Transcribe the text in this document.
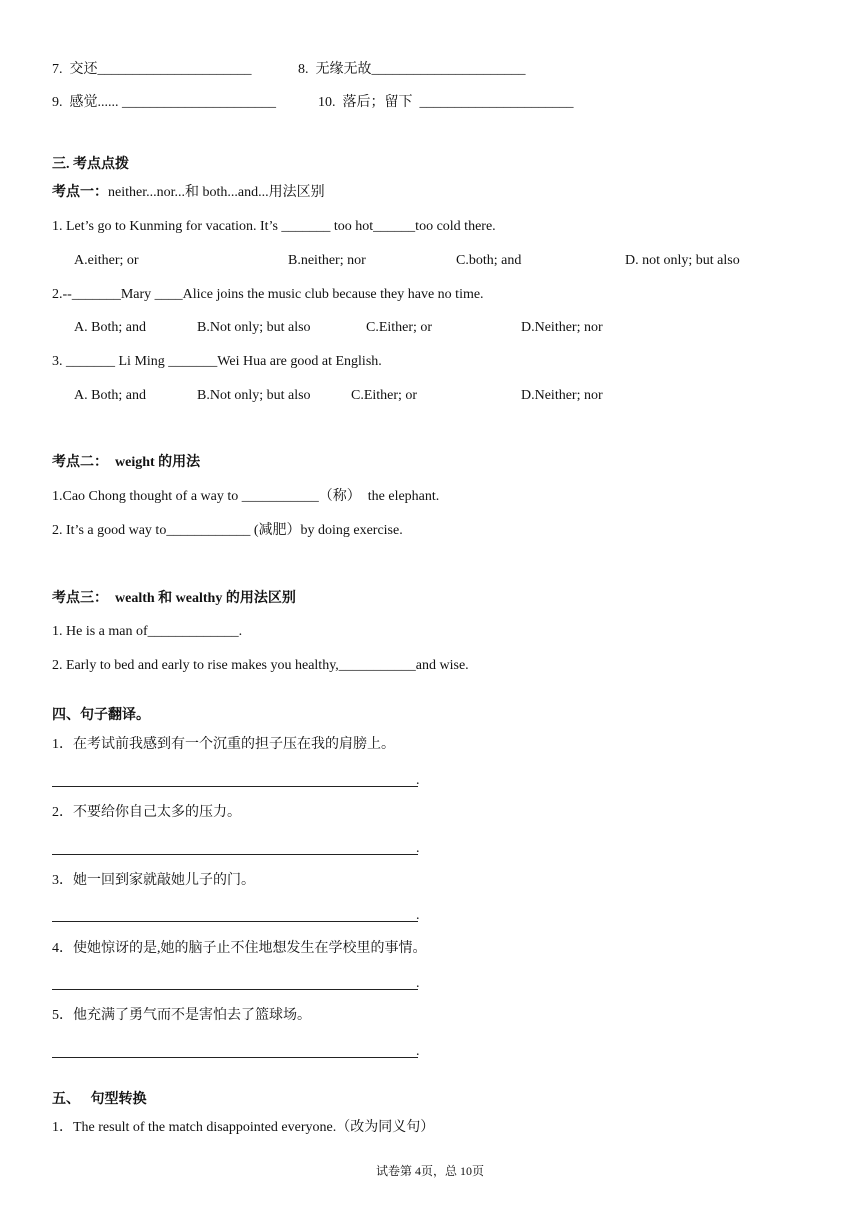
7.  交还______________________	8.  无缘无故______________________
9.  感觉...... ______________________	10.  落后；留下  ______________________
三. 考点点拨
考点一：neither...nor...和 both...and...用法区别
1. Let’s go to Kunming for vacation. It’s _______ too hot______too cold there.
A.either; or	B.neither; nor	C.both; and	D. not only; but also
2.--_______Mary ____Alice joins the music club because they have no time.
A. Both; and	B.Not only; but also	C.Either; or	D.Neither; nor
3. _______ Li Ming _______Wei Hua are good at English.
A. Both; and	B.Not only; but also	C.Either; or	D.Neither; nor
考点二：  weight 的用法
1.Cao Chong thought of a way to ___________（称）  the elephant.
2. It’s a good way to____________ (减肥）by doing exercise.
考点三：  wealth 和 wealthy 的用法区别
1. He is a man of_____________.
2. Early to bed and early to rise makes you healthy,___________and wise.
四、句子翻译。
1．在考试前我感到有一个沉重的担子压在我的肩膀上。
.
2．不要给你自己太多的压力。
.
3．她一回到家就敲她儿子的门。
.
4．使她惊讶的是,她的脑子止不住地想发生在学校里的事情。
.
5．他充满了勇气而不是害怕去了篮球场。
.
五、   句型转换
1．The result of the match disappointed everyone.（改为同义句）
试卷第 4页，总 10页
